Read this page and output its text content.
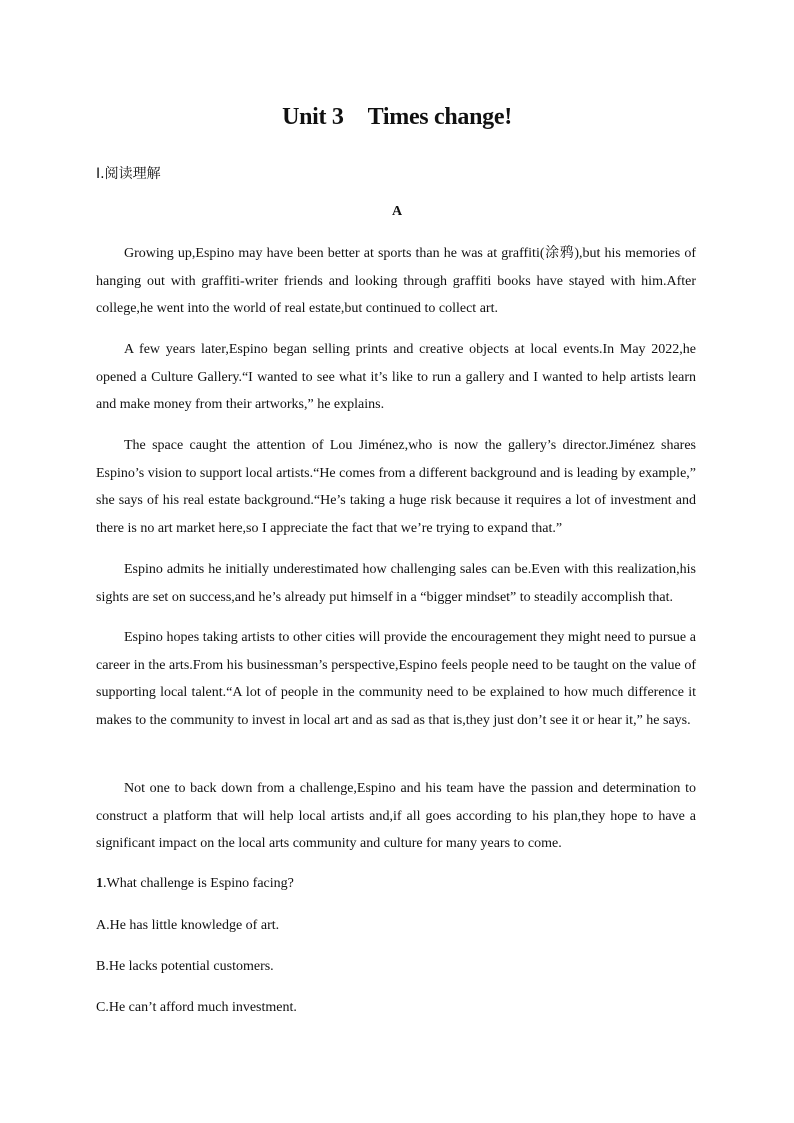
Unit 3 Times change!
Ⅰ.阅读理解
A

Growing up,Espino may have been better at sports than he was at graffiti(涂鸦),but his memories of hanging out with graffiti-writer friends and looking through graffiti books have stayed with him.After college,he went into the world of real estate,but continued to collect art.

A few years later,Espino began selling prints and creative objects at local events.In May 2022,he opened a Culture Gallery.“I wanted to see what it’s like to run a gallery and I wanted to help artists learn and make money from their artworks,” he explains.

The space caught the attention of Lou Jiménez,who is now the gallery’s director.Jiménez shares Espino’s vision to support local artists.“He comes from a different background and is leading by example,” she says of his real estate background.“He’s taking a huge risk because it requires a lot of investment and there is no art market here,so I appreciate the fact that we’re trying to expand that.”

Espino admits he initially underestimated how challenging sales can be.Even with this realization,his sights are set on success,and he’s already put himself in a “bigger mindset” to steadily accomplish that.

Espino hopes taking artists to other cities will provide the encouragement they might need to pursue a career in the arts.From his businessman’s perspective,Espino feels people need to be taught on the value of supporting local talent.“A lot of people in the community need to be explained to how much difference it makes to the community to invest in local art and as sad as that is,they just don’t see it or hear it,” he says.

Not one to back down from a challenge,Espino and his team have the passion and determination to construct a platform that will help local artists and,if all goes according to his plan,they hope to have a significant impact on the local arts community and culture for many years to come.

1.What challenge is Espino facing?

A.He has little knowledge of art.

B.He lacks potential customers.

C.He can’t afford much investment.
